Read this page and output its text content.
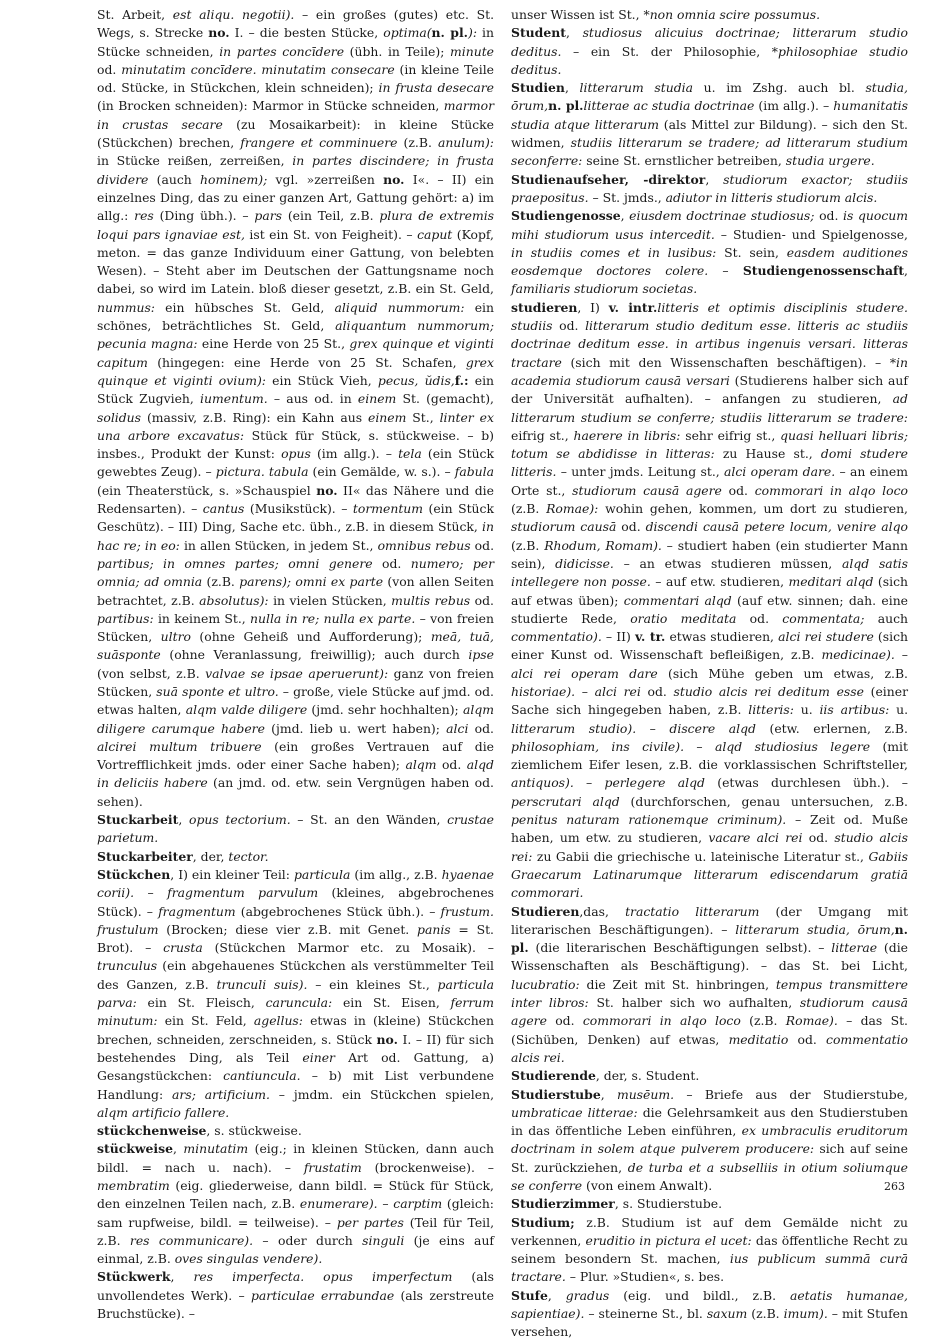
St. Arbeit, est aliqu. negotii). – ein großes (gutes) etc. St. Wegs, s. Strecke no. I. – die besten Stücke, optima(n. pl.): in Stücke schneiden, in partes concīdere (übh. in Teile); minute od. minutatim concīdere. minutatim consecare (in kleine Teile od. Stücke, in Stückchen, klein schneiden); in frusta desecare (in Brocken schneiden): Marmor in Stücke schneiden, marmor in crustas secare (zu Mosaikarbeit): in kleine Stücke (Stückchen) brechen, frangere et comminuere (z.B. anulum): in Stücke reißen, zerreißen, in partes discindere; in frusta dividere (auch hominem); vgl. »zerreißen no. I«. – II) ein einzelnes Ding, das zu einer ganzen Art, Gattung gehört: a) im allg.: res (Ding übh.). – pars (ein Teil, z.B. plura de extremis loqui pars ignaviae est, ist ein St. von Feigheit). – caput (Kopf, meton. = das ganze Individuum einer Gattung, von belebten Wesen). – Steht aber im Deutschen der Gattungsname noch dabei, so wird im Latein. bloß dieser gesetzt, z.B. ein St. Geld, nummus: ein hübsches St. Geld, aliquid nummorum: ein schönes, beträchtliches St. Geld, aliquantum nummorum; pecunia magna: eine Herde von 25 St., grex quinque et viginti capitum (hingegen: eine Herde von 25 St. Schafen, grex quinque et viginti ovium): ein Stück Vieh, pecus, ŭdis,f.: ein Stück Zugvieh, iumentum. – aus od. in einem St. (gemacht), solidus (massiv, z.B. Ring): ein Kahn aus einem St., linter ex una arbore excavatus: Stück für Stück, s. stückweise. – b) insbes., Produkt der Kunst: opus (im allg.). – tela (ein Stück gewebtes Zeug). – pictura. tabula (ein Gemälde, w. s.). – fabula (ein Theaterstück, s. »Schauspiel no. II« das Nähere und die Redensarten). – cantus (Musikstück). – tormentum (ein Stück Geschütz). – III) Ding, Sache etc. übh., z.B. in diesem Stück, in hac re; in eo: in allen Stücken, in jedem St., omnibus rebus od. partibus; in omnes partes; omni genere od. numero; per omnia; ad omnia (z.B. parens); omni ex parte (von allen Seiten betrachtet, z.B. absolutus): in vielen Stücken, multis rebus od. partibus: in keinem St., nulla in re; nulla ex parte. – von freien Stücken, ultro (ohne Geheiß und Aufforderung); meā, tuā, suāsponte (ohne Veranlassung, freiwillig); auch durch ipse (von selbst, z.B. valvae se ipsae aperuerunt): ganz von freien Stücken, suā sponte et ultro. – große, viele Stücke auf jmd. od. etwas halten, alqm valde diligere (jmd. sehr hochhalten); alqm diligere carumque habere (jmd. lieb u. wert haben); alci od. alcirei multum tribuere (ein großes Vertrauen auf die Vortrefflichkeit jmds. oder einer Sache haben); alqm od. alqd in deliciis habere (an jmd. od. etw. sein Vergnügen haben od. sehen).

Stuckarbeit, opus tectorium. – St. an den Wänden, crustae parietum.

Stuckarbeiter, der, tector.

Stückchen, I) ein kleiner Teil: particula (im allg., z.B. hyaenae corii). – fragmentum parvulum (kleines, abgebrochenes Stück). – fragmentum (abgebrochenes Stück übh.). – frustum. frustulum (Brocken; diese vier z.B. mit Genet. panis = St. Brot). – crusta (Stückchen Marmor etc. zu Mosaik). – trunculus (ein abgehauenes Stückchen als verstümmelter Teil des Ganzen, z.B. trunculi suis). – ein kleines St., particula parva: ein St. Fleisch, caruncula: ein St. Eisen, ferrum minutum: ein St. Feld, agellus: etwas in (kleine) Stückchen brechen, schneiden, zerschneiden, s. Stück no. I. – II) für sich bestehendes Ding, als Teil einer Art od. Gattung, a) Gesangstückchen: cantiuncula. – b) mit List verbundene Handlung: ars; artificium. – jmdm. ein Stückchen spielen, alqm artificio fallere.

stückchenweise, s. stückweise.

stückweise, minutatim (eig.; in kleinen Stücken, dann auch bildl. = nach u. nach). – frustatim (brockenweise). – membratim (eig. gliederweise, dann bildl. = Stück für Stück, den einzelnen Teilen nach, z.B. enumerare). – carptim (gleich: sam rupfweise, bildl. = teilweise). – per partes (Teil für Teil, z.B. res communicare). – oder durch singuli (je eins auf einmal, z.B. oves singulas vendere).

Stückwerk, res imperfecta. opus imperfectum (als unvollendetes Werk). – particulae errabundae (als zerstreute Bruchstücke). –

unser Wissen ist St., *non omnia scire possumus.

Student, studiosus alicuius doctrinae; litterarum studio deditus. – ein St. der Philosophie, *philosophiae studio deditus.

Studien, litterarum studia u. im Zshg. auch bl. studia, ōrum,n. pl.litterae ac studia doctrinae (im allg.). – humanitatis studia atque litterarum (als Mittel zur Bildung). – sich den St. widmen, studiis litterarum se tradere; ad litterarum studium seconferre: seine St. ernstlicher betreiben, studia urgere.

Studienaufseher, -direktor, studiorum exactor; studiis praepositus. – St. jmds., adiutor in litteris studiorum alcis.

Studiengenosse, eiusdem doctrinae studiosus; od. is quocum mihi studiorum usus intercedit. – Studien- und Spielgenosse, in studiis comes et in lusibus: St. sein, easdem auditiones eosdemque doctores colere. – Studiengenossenschaft, familiaris studiorum societas.

studieren, I) v. intr.litteris et optimis disciplinis studere. studiis od. litterarum studio deditum esse. litteris ac studiis doctrinae deditum esse. in artibus ingenuis versari. litteras tractare (sich mit den Wissenschaften beschäftigen). – *in academia studiorum causā versari (Studierens halber sich auf der Universität aufhalten). – anfangen zu studieren, ad litterarum studium se conferre; studiis litterarum se tradere: eifrig st., haerere in libris: sehr eifrig st., quasi helluari libris; totum se abdidisse in litteras: zu Hause st., domi studere litteris. – unter jmds. Leitung st., alci operam dare. – an einem Orte st., studiorum causā agere od. commorari in alqo loco (z.B. Romae): wohin gehen, kommen, um dort zu studieren, studiorum causā od. discendi causā petere locum, venire alqo (z.B. Rhodum, Romam). – studiert haben (ein studierter Mann sein), didicisse. – an etwas studieren müssen, alqd satis intellegere non posse. – auf etw. studieren, meditari alqd (sich auf etwas üben); commentari alqd (auf etw. sinnen; dah. eine studierte Rede, oratio meditata od. commentata; auch commentatio). – II) v. tr. etwas studieren, alci rei studere (sich einer Kunst od. Wissenschaft befleißigen, z.B. medicinae). – alci rei operam dare (sich Mühe geben um etwas, z.B. historiae). – alci rei od. studio alcis rei deditum esse (einer Sache sich hingegeben haben, z.B. litteris: u. iis artibus: u. litterarum studio). – discere alqd (etw. erlernen, z.B. philosophiam, ins civile). – alqd studiosius legere (mit ziemlichem Eifer lesen, z.B. die vorklassischen Schriftsteller, antiquos). – perlegere alqd (etwas durchlesen übh.). – perscrutari alqd (durchforschen, genau untersuchen, z.B. penitus naturam rationemque criminum). – Zeit od. Muße haben, um etw. zu studieren, vacare alci rei od. studio alcis rei: zu Gabii die griechische u. lateinische Literatur st., Gabiis Graecarum Latinarumque litterarum ediscendarum gratiā commorari.

Studieren,das, tractatio litterarum (der Umgang mit literarischen Beschäftigungen). – litterarum studia, ōrum,n. pl. (die literarischen Beschäftigungen selbst). – litterae (die Wissenschaften als Beschäftigung). – das St. bei Licht, lucubratio: die Zeit mit St. hinbringen, tempus transmittere inter libros: St. halber sich wo aufhalten, studiorum causā agere od. commorari in alqo loco (z.B. Romae). – das St. (Sichüben, Denken) auf etwas, meditatio od. commentatio alcis rei.

Studierende, der, s. Student.

Studierstube, musēum. – Briefe aus der Studierstube, umbraticae litterae: die Gelehrsamkeit aus den Studierstuben in das öffentliche Leben einführen, ex umbraculis eruditorum doctrinam in solem atque pulverem producere: sich auf seine St. zurückziehen, de turba et a subselliis in otium soliumque se conferre (von einem Anwalt).

Studierzimmer, s. Studierstube.

Studium; z.B. Studium ist auf dem Gemälde nicht zu verkennen, eruditio in pictura el ucet: das öffentliche Recht zu seinem besondern St. machen, ius publicum summā curā tractare. – Plur. »Studien«, s. bes.

Stufe, gradus (eig. und bildl., z.B. aetatis humanae, sapientiae). – steinerne St., bl. saxum (z.B. imum). – mit Stufen versehen,

263
